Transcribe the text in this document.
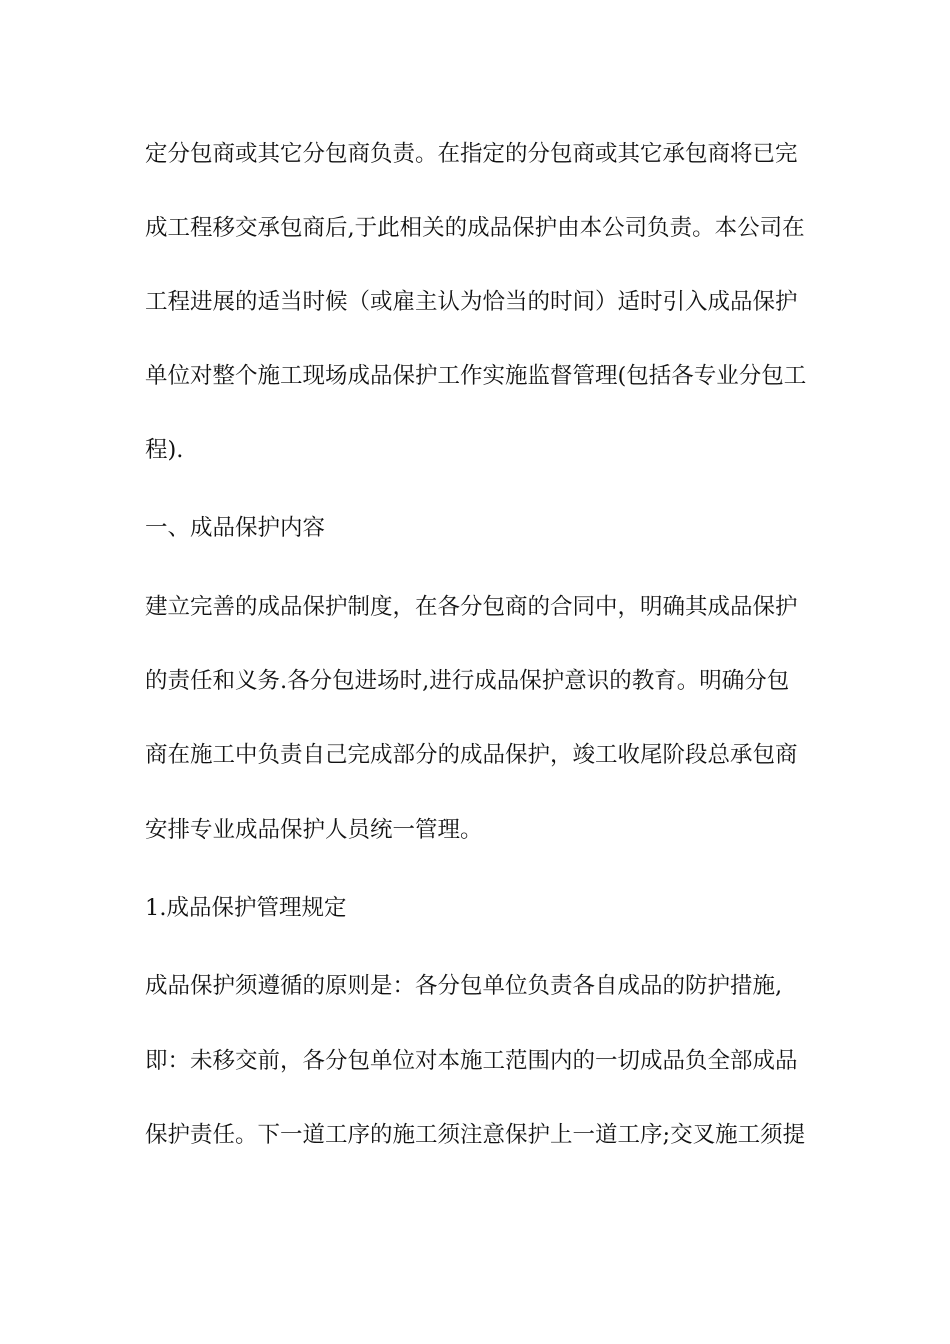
定分包商或其它分包商负责。在指定的分包商或其它承包商将已完
成工程移交承包商后,于此相关的成品保护由本公司负责。本公司在
工程进展的适当时候（或雇主认为恰当的时间）适时引入成品保护
单位对整个施工现场成品保护工作实施监督管理(包括各专业分包工
程).
一、成品保护内容
建立完善的成品保护制度，在各分包商的合同中，明确其成品保护
的责任和义务.各分包进场时,进行成品保护意识的教育。明确分包
商在施工中负责自己完成部分的成品保护，竣工收尾阶段总承包商
安排专业成品保护人员统一管理。
1.成品保护管理规定
成品保护须遵循的原则是：各分包单位负责各自成品的防护措施,
即：未移交前，各分包单位对本施工范围内的一切成品负全部成品
保护责任。下一道工序的施工须注意保护上一道工序;交叉施工须提
